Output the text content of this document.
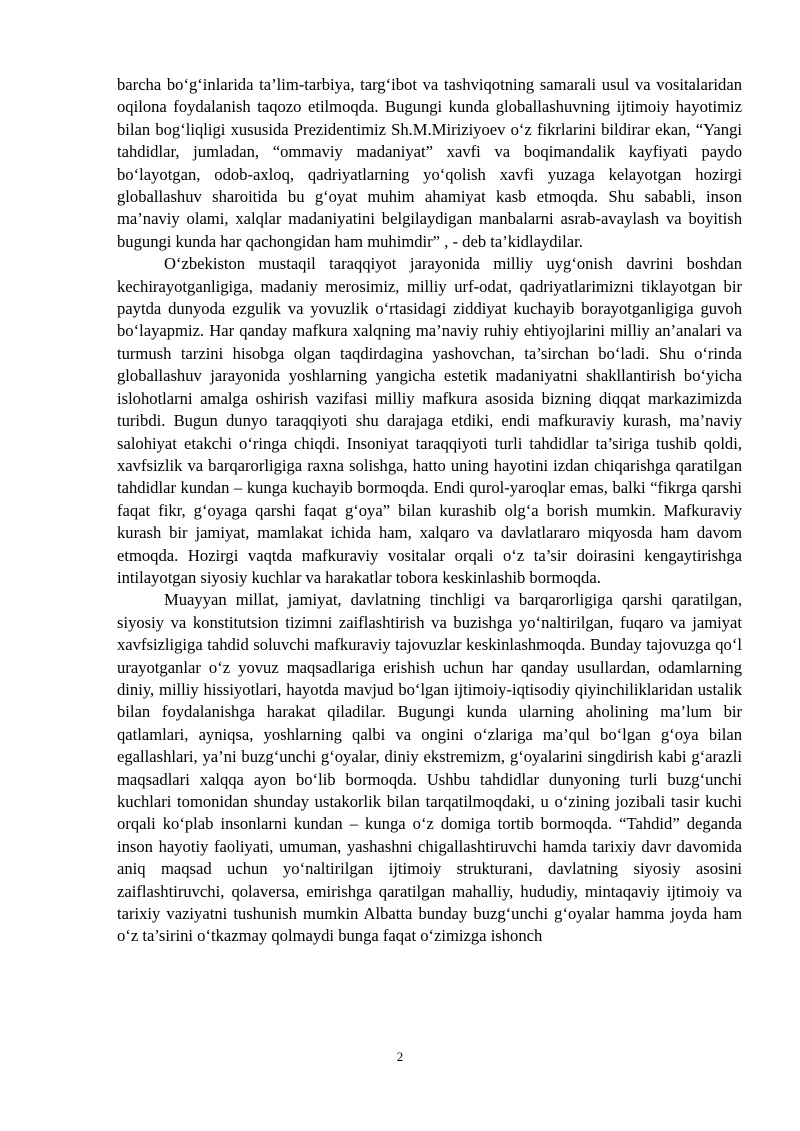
barcha bo‘g‘inlarida ta’lim-tarbiya, targ‘ibot va tashviqotning samarali usul va vositalaridan oqilona foydalanish taqozo etilmoqda. Bugungi kunda globallashuvning ijtimoiy hayotimiz bilan bog‘liqligi xususida Prezidentimiz Sh.M.Miriziyoev o‘z fikrlarini bildirar ekan, “Yangi tahdidlar, jumladan, “ommaviy madaniyat” xavfi va boqimandalik kayfiyati paydo bo‘layotgan, odob-axloq, qadriyatlarning yo‘qolish xavfi yuzaga kelayotgan hozirgi globallashuv sharoitida bu g‘oyat muhim ahamiyat kasb etmoqda. Shu sababli, inson ma’naviy olami, xalqlar madaniyatini belgilaydigan manbalarni asrab-avaylash va boyitish bugungi kunda har qachongidan ham muhimdir” , - deb ta’kidlaydilar.

O‘zbekiston mustaqil taraqqiyot jarayonida milliy uyg‘onish davrini boshdan kechirayotganligiga, madaniy merosimiz, milliy urf-odat, qadriyatlarimizni tiklayotgan bir paytda dunyoda ezgulik va yovuzlik o‘rtasidagi ziddiyat kuchayib borayotganligiga guvoh bo‘layapmiz. Har qanday mafkura xalqning ma’naviy ruhiy ehtiyojlarini milliy an’analari va turmush tarzini hisobga olgan taqdirdagina yashovchan, ta’sirchan bo‘ladi. Shu o‘rinda globallashuv jarayonida yoshlarning yangicha estetik madaniyatni shakllantirish bo‘yicha islohotlarni amalga oshirish vazifasi milliy mafkura asosida bizning diqqat markazimizda turibdi. Bugun dunyo taraqqiyoti shu darajaga etdiki, endi mafkuraviy kurash, ma’naviy salohiyat etakchi o‘ringa chiqdi. Insoniyat taraqqiyoti turli tahdidlar ta’siriga tushib qoldi, xavfsizlik va barqarorligiga raxna solishga, hatto uning hayotini izdan chiqarishga qaratilgan tahdidlar kundan – kunga kuchayib bormoqda. Endi qurol-yaroqlar emas, balki “fikrga qarshi faqat fikr, g‘oyaga qarshi faqat g‘oya” bilan kurashib olg‘a borish mumkin. Mafkuraviy kurash bir jamiyat, mamlakat ichida ham, xalqaro va davlatlararo miqyosda ham davom etmoqda. Hozirgi vaqtda mafkuraviy vositalar orqali o‘z ta’sir doirasini kengaytirishga intilayotgan siyosiy kuchlar va harakatlar tobora keskinlashib bormoqda.

Muayyan millat, jamiyat, davlatning tinchligi va barqarorligiga qarshi qaratilgan, siyosiy va konstitutsion tizimni zaiflashtirish va buzishga yo‘naltirilgan, fuqaro va jamiyat xavfsizligiga tahdid soluvchi mafkuraviy tajovuzlar keskinlashmoqda. Bunday tajovuzga qo‘l urayotganlar o‘z yovuz maqsadlariga erishish uchun har qanday usullardan, odamlarning diniy, milliy hissiyotlari, hayotda mavjud bo‘lgan ijtimoiy-iqtisodiy qiyinchiliklaridan ustalik bilan foydalanishga harakat qiladilar. Bugungi kunda ularning aholining ma’lum bir qatlamlari, ayniqsa, yoshlarning qalbi va ongini o‘zlariga ma’qul bo‘lgan g‘oya bilan egallashlari, ya’ni buzg‘unchi g‘oyalar, diniy ekstremizm, g‘oyalarini singdirish kabi g‘arazli maqsadlari xalqqa ayon bo‘lib bormoqda. Ushbu tahdidlar dunyoning turli buzg‘unchi kuchlari tomonidan shunday ustakorlik bilan tarqatilmoqdaki, u o‘zining jozibali tasir kuchi orqali ko‘plab insonlarni kundan – kunga o‘z domiga tortib bormoqda. “Tahdid” deganda inson hayotiy faoliyati, umuman, yashashni chigallashtiruvchi hamda tarixiy davr davomida aniq maqsad uchun yo‘naltirilgan ijtimoiy strukturani, davlatning siyosiy asosini zaiflashtiruvchi, qolaversa, emirishga qaratilgan mahalliy, hududiy, mintaqaviy ijtimoiy va tarixiy vaziyatni tushunish mumkin Albatta bunday buzg‘unchi g‘oyalar hamma joyda ham o‘z ta’sirini o‘tkazmay qolmaydi bunga faqat o‘zimizga ishonch

2
